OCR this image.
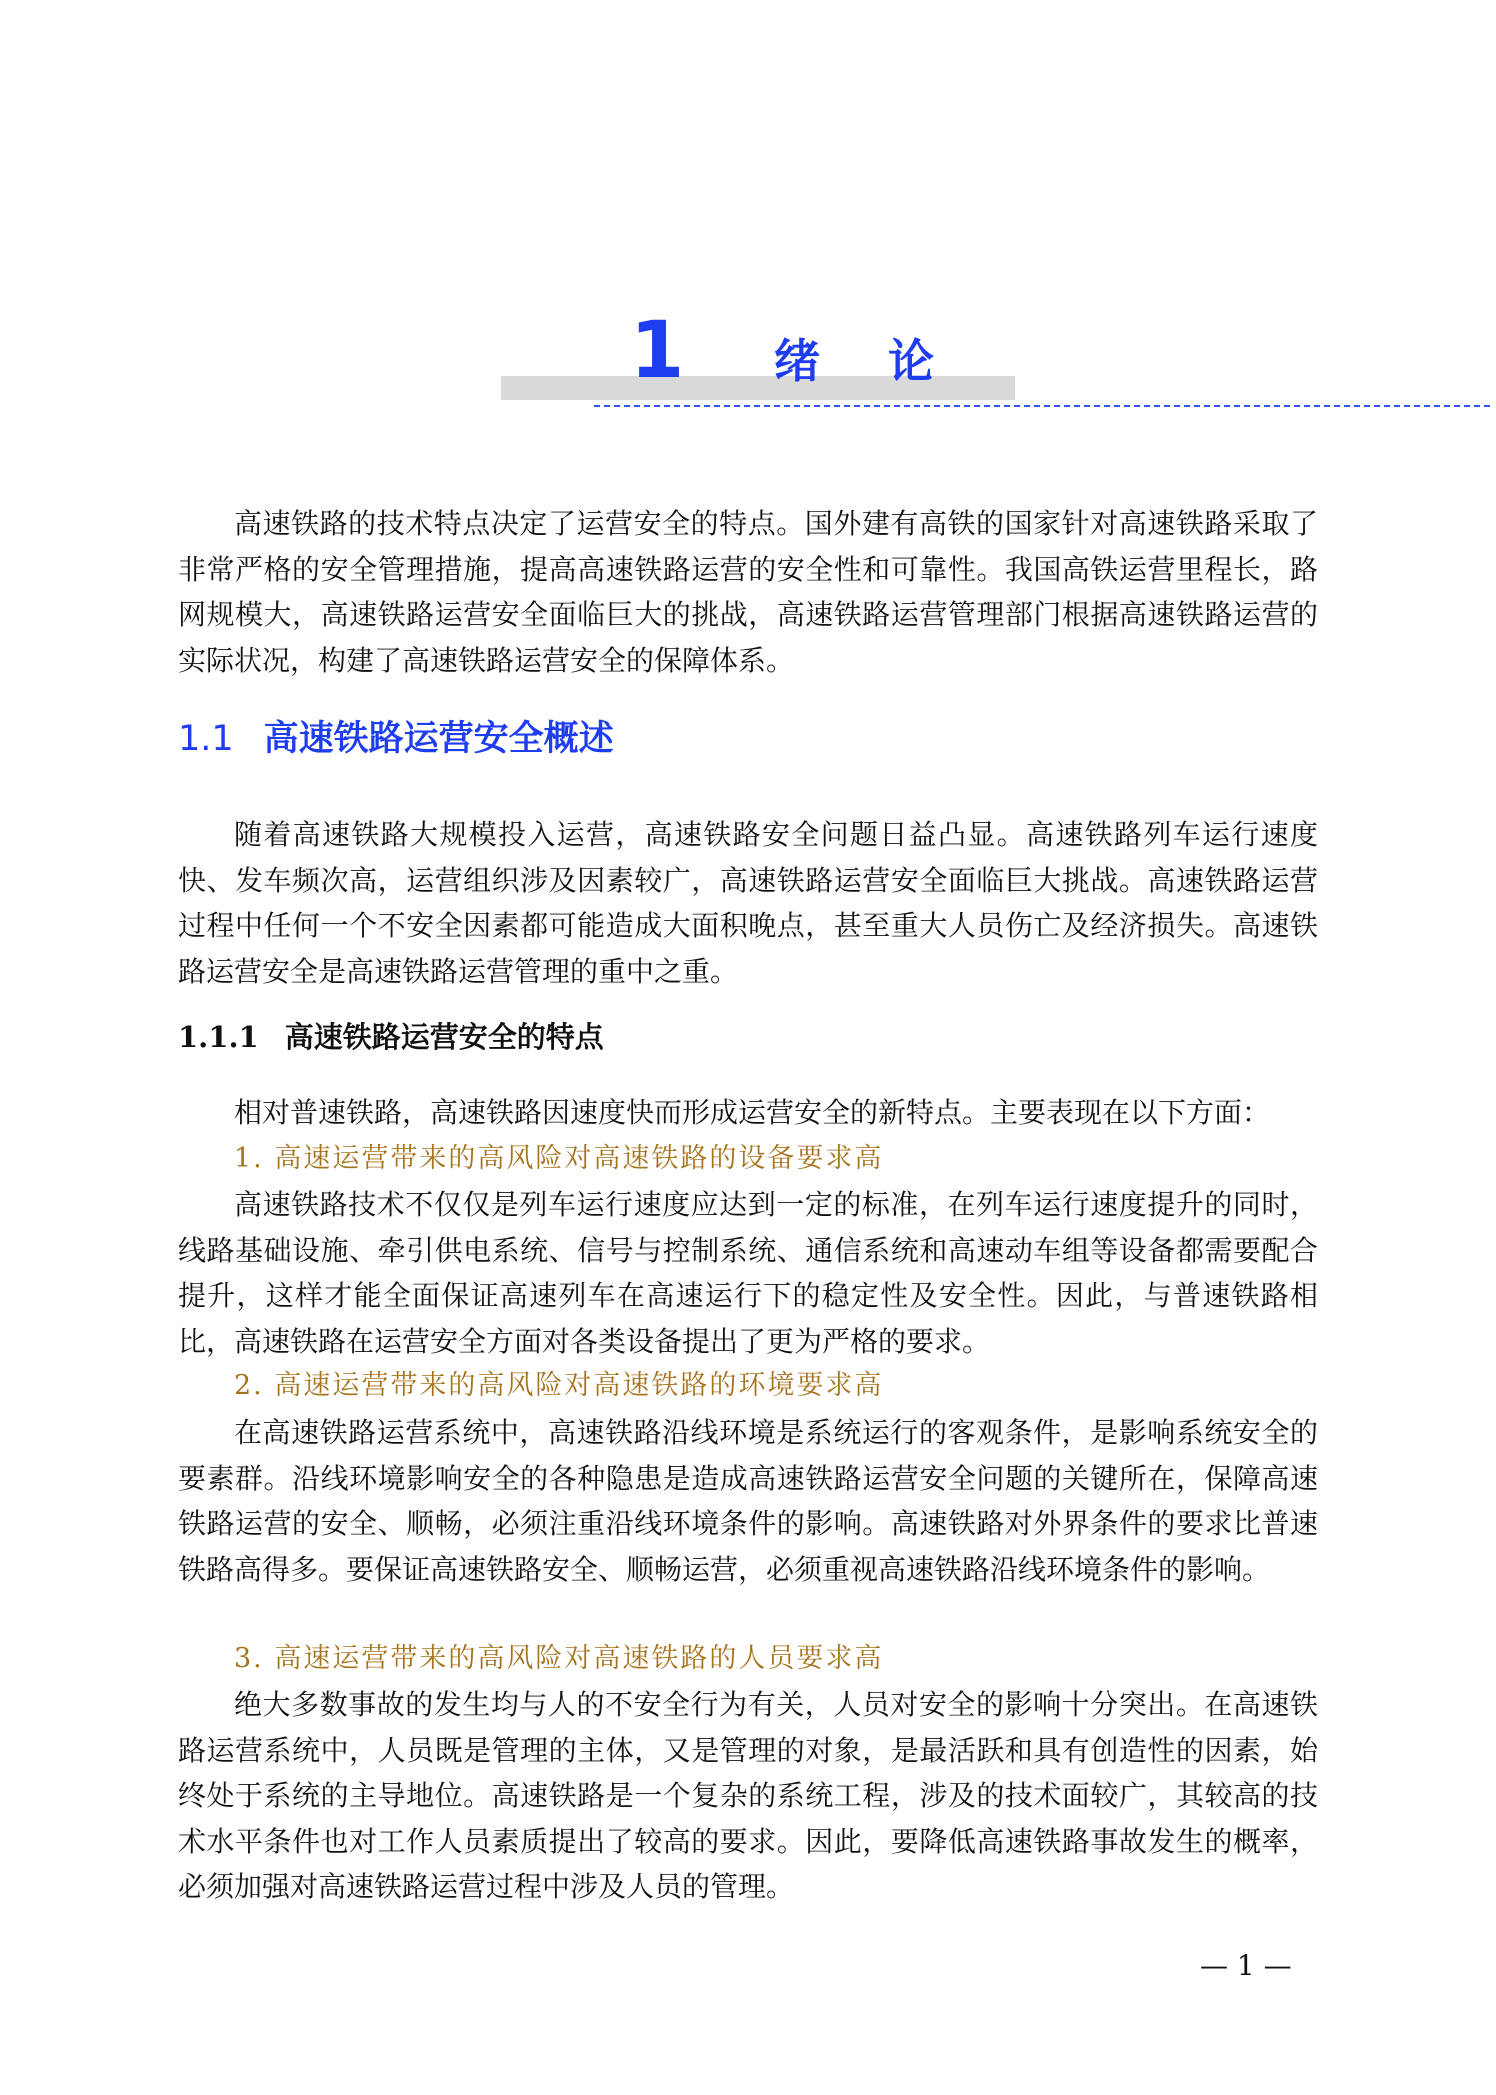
1 绪论

高速铁路的技术特点决定了运营安全的特点。国外建有高铁的国家针对高速铁路采取了非常严格的安全管理措施，提高高速铁路运营的安全性和可靠性。我国高铁运营里程长，路网规模大，高速铁路运营安全面临巨大的挑战，高速铁路运营管理部门根据高速铁路运营的实际状况，构建了高速铁路运营安全的保障体系。

1.1 高速铁路运营安全概述

随着高速铁路大规模投入运营，高速铁路安全问题日益凸显。高速铁路列车运行速度快、发车频次高，运营组织涉及因素较广，高速铁路运营安全面临巨大挑战。高速铁路运营过程中任何一个不安全因素都可能造成大面积晚点，甚至重大人员伤亡及经济损失。高速铁路运营安全是高速铁路运营管理的重中之重。

1.1.1 高速铁路运营安全的特点

相对普速铁路，高速铁路因速度快而形成运营安全的新特点。主要表现在以下方面：

1. 高速运营带来的高风险对高速铁路的设备要求高

高速铁路技术不仅仅是列车运行速度应达到一定的标准，在列车运行速度提升的同时，线路基础设施、牵引供电系统、信号与控制系统、通信系统和高速动车组等设备都需要配合提升，这样才能全面保证高速列车在高速运行下的稳定性及安全性。因此，与普速铁路相比，高速铁路在运营安全方面对各类设备提出了更为严格的要求。

2. 高速运营带来的高风险对高速铁路的环境要求高

在高速铁路运营系统中，高速铁路沿线环境是系统运行的客观条件，是影响系统安全的要素群。沿线环境影响安全的各种隐患是造成高速铁路运营安全问题的关键所在，保障高速铁路运营的安全、顺畅，必须注重沿线环境条件的影响。高速铁路对外界条件的要求比普速铁路高得多。要保证高速铁路安全、顺畅运营，必须重视高速铁路沿线环境条件的影响。

3. 高速运营带来的高风险对高速铁路的人员要求高

绝大多数事故的发生均与人的不安全行为有关，人员对安全的影响十分突出。在高速铁路运营系统中，人员既是管理的主体，又是管理的对象，是最活跃和具有创造性的因素，始终处于系统的主导地位。高速铁路是一个复杂的系统工程，涉及的技术面较广，其较高的技术水平条件也对工作人员素质提出了较高的要求。因此，要降低高速铁路事故发生的概率，必须加强对高速铁路运营过程中涉及人员的管理。

— 1 —
